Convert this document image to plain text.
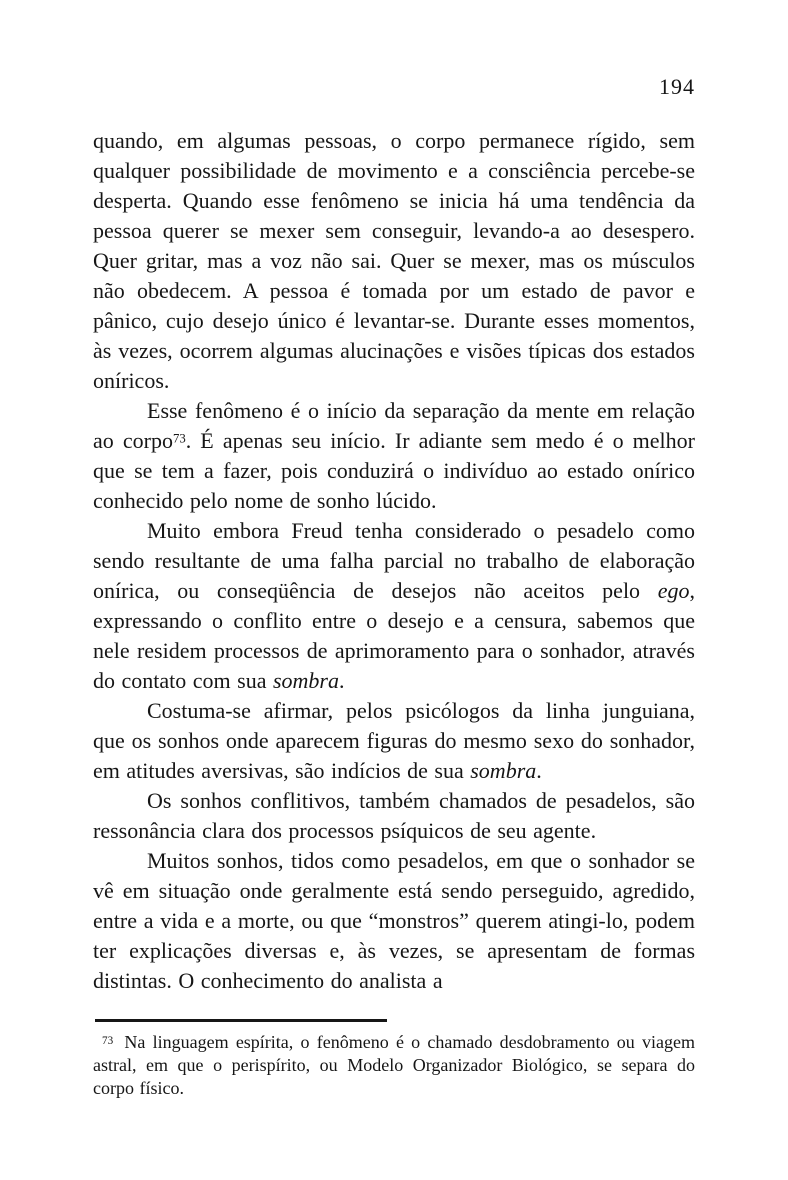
194

quando, em algumas pessoas, o corpo permanece rígido, sem qualquer possibilidade de movimento e a consciência percebe-se desperta. Quando esse fenômeno se inicia há uma tendência da pessoa querer se mexer sem conseguir, levando-a ao desespero. Quer gritar, mas a voz não sai. Quer se mexer, mas os músculos não obedecem. A pessoa é tomada por um estado de pavor e pânico, cujo desejo único é levantar-se. Durante esses momentos, às vezes, ocorrem algumas alucinações e visões típicas dos estados oníricos.

Esse fenômeno é o início da separação da mente em relação ao corpo$^{73}$. É apenas seu início. Ir adiante sem medo é o melhor que se tem a fazer, pois conduzirá o indivíduo ao estado onírico conhecido pelo nome de sonho lúcido.

Muito embora Freud tenha considerado o pesadelo como sendo resultante de uma falha parcial no trabalho de elaboração onírica, ou conseqüência de desejos não aceitos pelo ego, expressando o conflito entre o desejo e a censura, sabemos que nele residem processos de aprimoramento para o sonhador, através do contato com sua sombra.

Costuma-se afirmar, pelos psicólogos da linha junguiana, que os sonhos onde aparecem figuras do mesmo sexo do sonhador, em atitudes aversivas, são indícios de sua sombra.

Os sonhos conflitivos, também chamados de pesadelos, são ressonância clara dos processos psíquicos de seu agente.

Muitos sonhos, tidos como pesadelos, em que o sonhador se vê em situação onde geralmente está sendo perseguido, agredido, entre a vida e a morte, ou que “monstros” querem atingi-lo, podem ter explicações diversas e, às vezes, se apresentam de formas distintas. O conhecimento do analista a

$^{73}$ Na linguagem espírita, o fenômeno é o chamado desdobramento ou viagem astral, em que o perispírito, ou Modelo Organizador Biológico, se separa do corpo físico.
